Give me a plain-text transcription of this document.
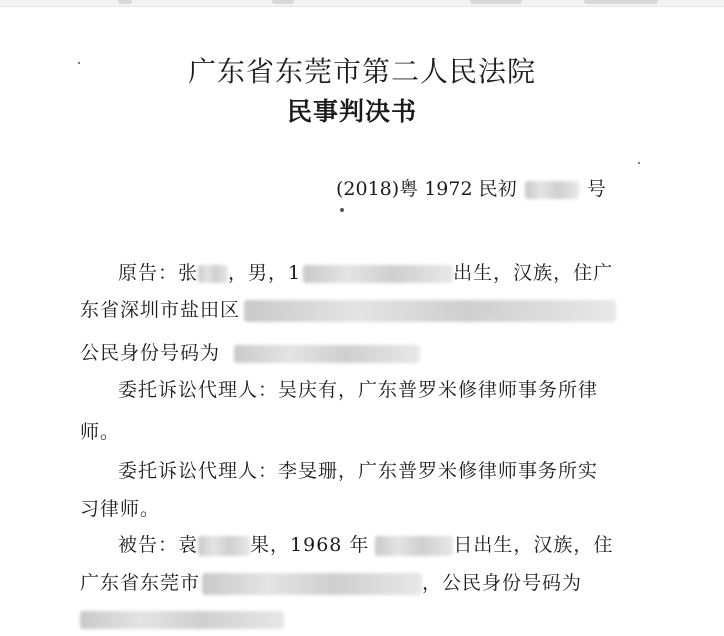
广东省东莞市第二人民法院
民事判决书
(2018)粤 1972 民初	号
原告：张 ，男，1	出生，汉族，住广
东省深圳市盐田区
公民身份号码为
委托诉讼代理人：吴庆有，广东普罗米修律师事务所律
师。
委托诉讼代理人：李旻珊，广东普罗米修律师事务所实
习律师。
被告：袁	果，1968 年	日出生，汉族，住
广东省东莞市	，公民身份号码为
